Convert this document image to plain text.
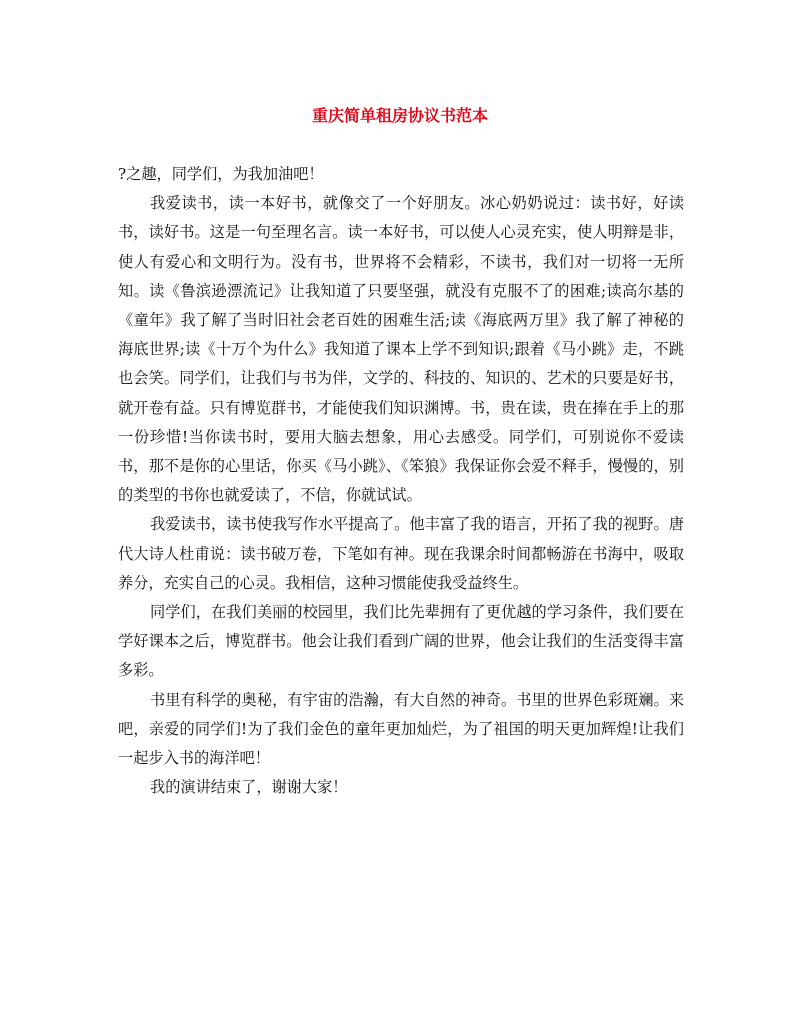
重庆简单租房协议书范本

?之趣，同学们，为我加油吧！

我爱读书，读一本好书，就像交了一个好朋友。冰心奶奶说过：读书好，好读书，读好书。这是一句至理名言。读一本好书，可以使人心灵充实，使人明辩是非，使人有爱心和文明行为。没有书，世界将不会精彩，不读书，我们对一切将一无所知。读《鲁滨逊漂流记》让我知道了只要坚强，就没有克服不了的困难;读高尔基的《童年》我了解了当时旧社会老百姓的困难生活;读《海底两万里》我了解了神秘的海底世界;读《十万个为什么》我知道了课本上学不到知识;跟着《马小跳》走，不跳也会笑。同学们，让我们与书为伴，文学的、科技的、知识的、艺术的只要是好书，就开卷有益。只有博览群书，才能使我们知识渊博。书，贵在读，贵在捧在手上的那一份珍惜!当你读书时，要用大脑去想象，用心去感受。同学们，可别说你不爱读书，那不是你的心里话，你买《马小跳》、《笨狼》我保证你会爱不释手，慢慢的，别的类型的书你也就爱读了，不信，你就试试。

我爱读书，读书使我写作水平提高了。他丰富了我的语言，开拓了我的视野。唐代大诗人杜甫说：读书破万卷，下笔如有神。现在我课余时间都畅游在书海中，吸取养分，充实自己的心灵。我相信，这种习惯能使我受益终生。

同学们，在我们美丽的校园里，我们比先辈拥有了更优越的学习条件，我们要在学好课本之后，博览群书。他会让我们看到广阔的世界，他会让我们的生活变得丰富多彩。

书里有科学的奥秘，有宇宙的浩瀚，有大自然的神奇。书里的世界色彩斑斓。来吧，亲爱的同学们!为了我们金色的童年更加灿烂，为了祖国的明天更加辉煌!让我们一起步入书的海洋吧！

我的演讲结束了，谢谢大家！
